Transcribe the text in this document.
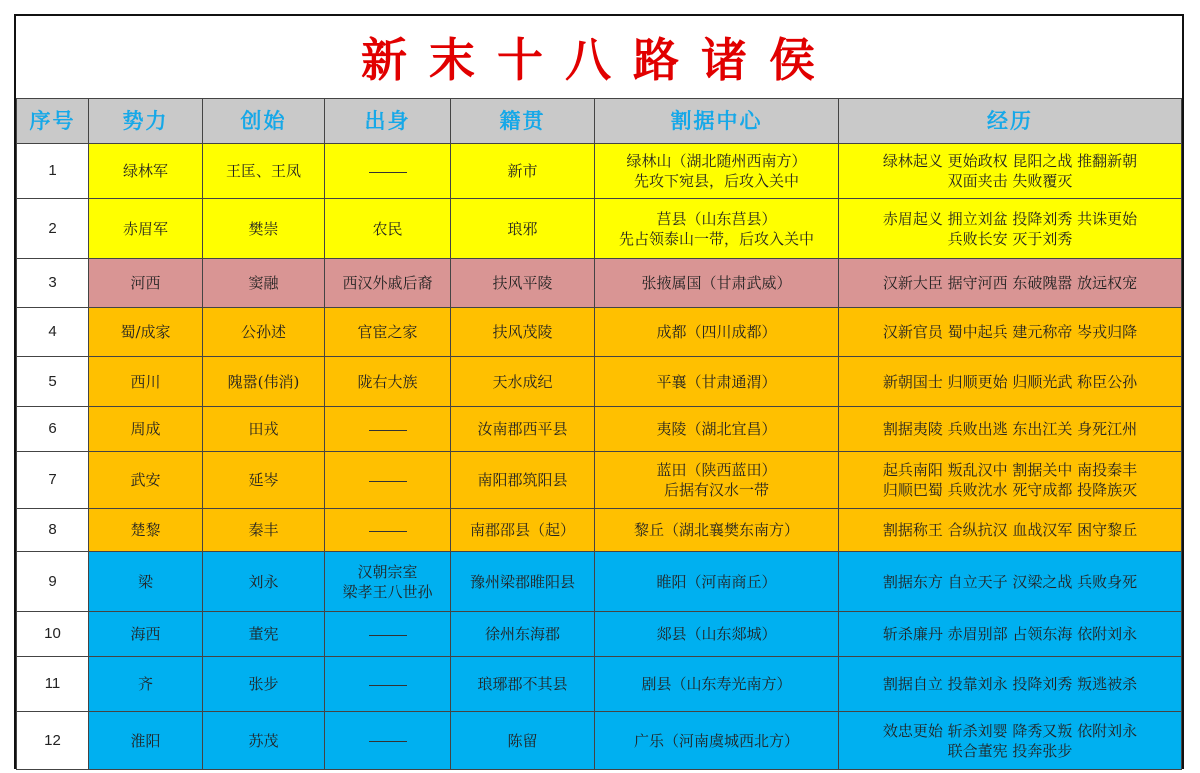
新末十八路诸侯
序号	势力	创始	出身	籍贯	割据中心	经历

1	绿林军	王匡、王凤		新市	绿林山（湖北随州西南方）
先攻下宛县，后攻入关中	绿林起义 更始政权 昆阳之战 推翻新朝
双面夹击 失败覆灭

2	赤眉军	樊崇	农民	琅邪	莒县（山东莒县）
先占领泰山一带，后攻入关中	赤眉起义 拥立刘盆 投降刘秀 共诛更始
兵败长安 灭于刘秀

3	河西	窦融	西汉外戚后裔	扶风平陵	张掖属国（甘肃武威）	汉新大臣 据守河西 东破隗嚣 放远权宠

4	蜀/成家	公孙述	官宦之家	扶风茂陵	成都（四川成都）	汉新官员 蜀中起兵 建元称帝 岑戎归降

5	西川	隗嚣(伟消)	陇右大族	天水成纪	平襄（甘肃通渭）	新朝国士 归顺更始 归顺光武 称臣公孙

6	周成	田戎		汝南郡西平县	夷陵（湖北宜昌）	割据夷陵 兵败出逃 东出江关 身死江州

7	武安	延岑		南阳郡筑阳县	蓝田（陕西蓝田）
后据有汉水一带	起兵南阳 叛乱汉中 割据关中 南投秦丰
归顺巴蜀 兵败沈水 死守成都 投降族灭

8	楚黎	秦丰		南郡邵县（起）	黎丘（湖北襄樊东南方）	割据称王 合纵抗汉 血战汉军 困守黎丘

9	梁	刘永	汉朝宗室
梁孝王八世孙	豫州梁郡睢阳县	睢阳（河南商丘）	割据东方 自立天子 汉梁之战 兵败身死

10	海西	董宪		徐州东海郡	郯县（山东郯城）	斩杀廉丹 赤眉别部 占领东海 依附刘永

11	齐	张步		琅琊郡不其县	剧县（山东寿光南方）	割据自立 投靠刘永 投降刘秀 叛逃被杀

12	淮阳	苏茂		陈留	广乐（河南虞城西北方）	效忠更始 斩杀刘婴 降秀又叛 依附刘永
联合董宪 投奔张步
